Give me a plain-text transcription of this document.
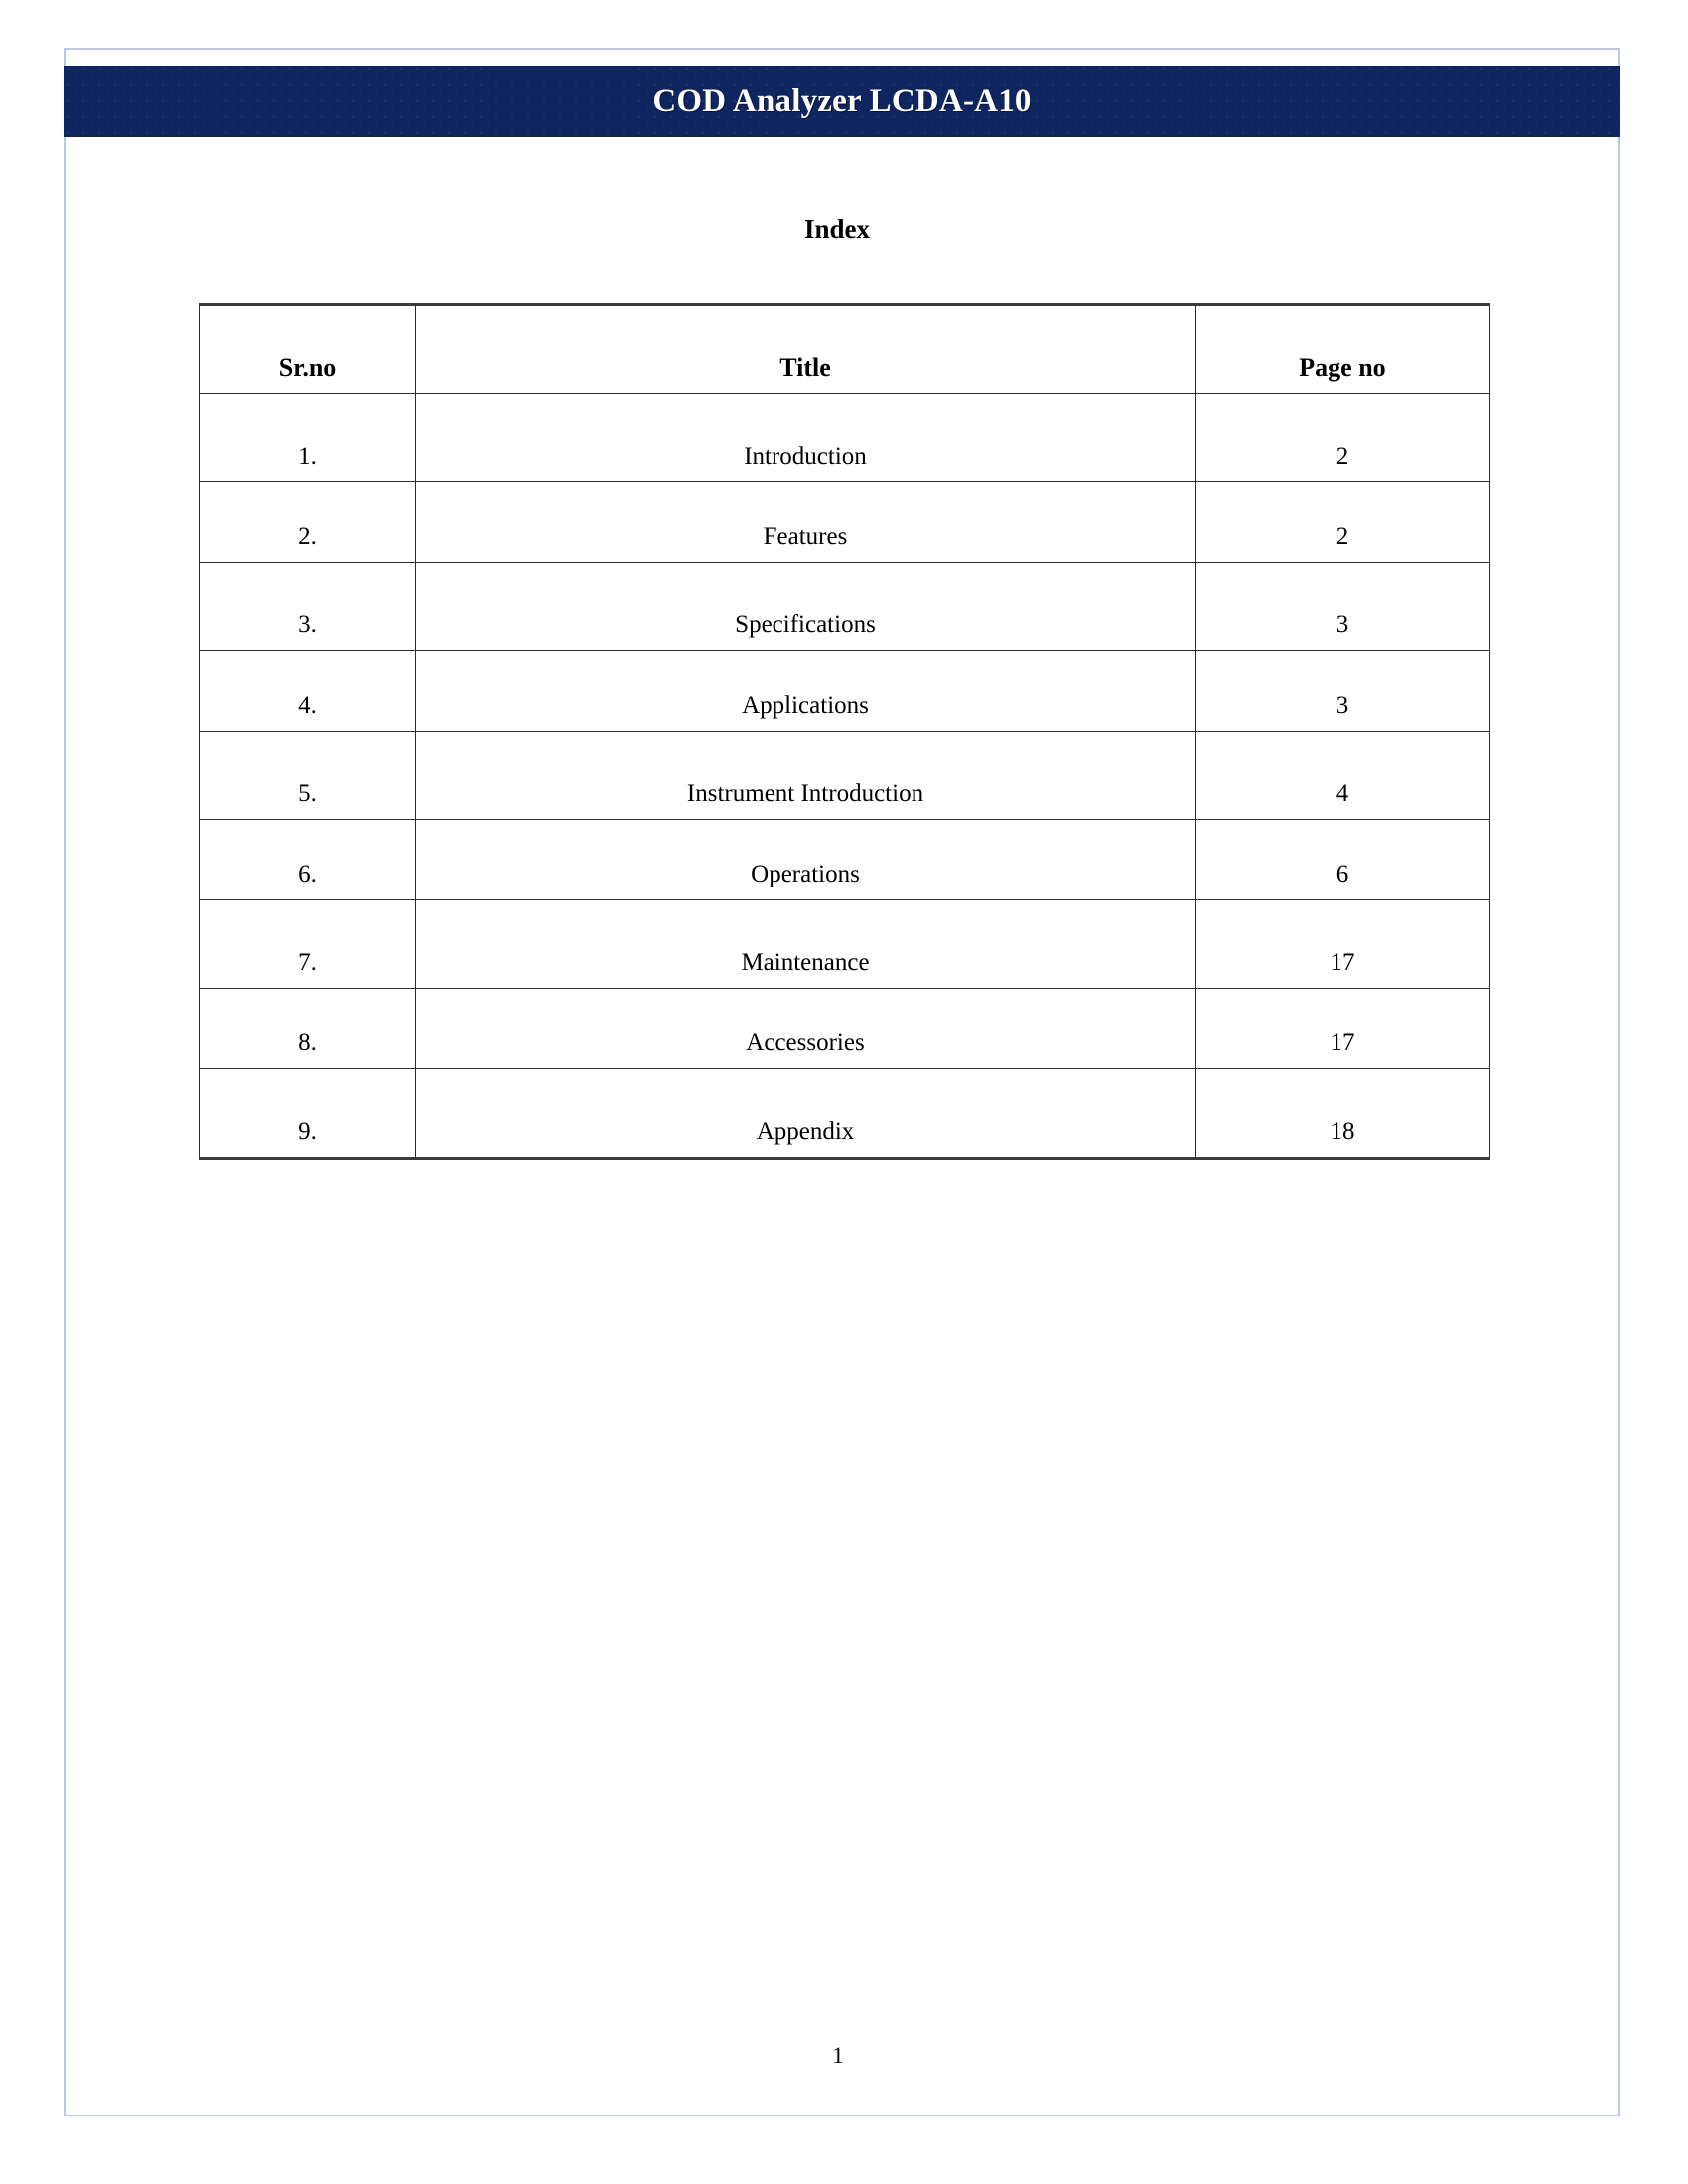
COD Analyzer LCDA-A10
Index
Sr.no	Title	Page no
1.	Introduction	2
2.	Features	2
3.	Specifications	3
4.	Applications	3
5.	Instrument Introduction	4
6.	Operations	6
7.	Maintenance	17
8.	Accessories	17
9.	Appendix	18
1
